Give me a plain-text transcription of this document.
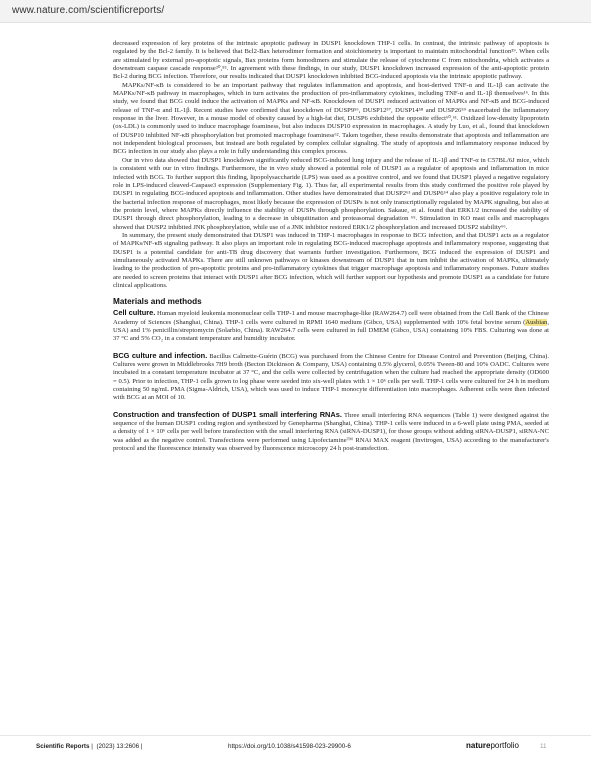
www.nature.com/scientificreports/

decreased expression of key proteins of the intrinsic apoptotic pathway in DUSP1 knockdown THP-1 cells. In contrast, the intrinsic pathway of apoptosis is regulated by the Bcl-2 family. It is believed that Bcl2-Bax heterodimer formation and stoichiometry is important to maintain mitochondrial function³⁹. When cells are stimulated by external pro-apoptotic signals, Bax proteins form homodimers and stimulate the release of cytochrome C from mitochondria, which activates a downstream caspase cascade response²⁰,⁵⁵. In agreement with these findings, in our study, DUSP1 knockdown increased expression of the anti-apoptotic protein Bcl-2 during BCG infection. Therefore, our results indicated that DUSP1 knockdown inhibited BCG-induced apoptosis via the intrinsic apoptotic pathway.

MAPKs/NF-κB is considered to be an important pathway that regulates inflammation and apoptosis, and host-derived TNF-α and IL-1β can activate the MAPKs/NF-κB pathway in macrophages, which in turn activates the production of pro-inflammatory cytokines, including TNF-α and IL-1β themselves¹⁶. In this study, we found that BCG could induce the activation of MAPKs and NF-κB. Knockdown of DUSP1 reduced activation of MAPKs and NF-κB and BCG-induced release of TNF-α and IL-1β. Recent studies have confirmed that knockdown of DUSP9⁵⁶, DUSP12⁵⁷, DUSP14⁵⁸ and DUSP26⁵⁹ exacerbated the inflammatory response in the liver. However, in a mouse model of obesity caused by a high-fat diet, DUSP6 exhibited the opposite effect⁶⁰,⁶¹. Oxidized low-density lipoprotein (ox-LDL) is commonly used to induce macrophage foaminess, but also induces DUSP10 expression in macrophages. A study by Luo, et al., found that knockdown of DUSP10 inhibited NF-κB phosphorylation but promoted macrophage foaminess⁶². Taken together, these results demonstrate that apoptosis and inflammation are not independent biological processes, but instead are both regulated by complex cellular signaling. The study of apoptosis and inflammatory response induced by BCG infection in our study also plays a role in fully understanding this complex process.

Our in vivo data showed that DUSP1 knockdown significantly reduced BCG-induced lung injury and the release of IL-1β and TNF-α in C57BL/6J mice, which is consistent with our in vitro findings. Furthermore, the in vivo study showed a potential role of DUSP1 as a regulator of apoptosis and inflammation in mice infected with BCG. To further support this finding, lipopolysaccharide (LPS) was used as a positive control, and we found that DUSP1 played a negative regulatory role in LPS-induced cleaved-Caspase3 expression (Supplementary Fig. 1). Thus far, all experimental results from this study confirmed the positive role played by DUSP1 in regulating BCG-induced apoptosis and inflammation. Other studies have demonstrated that DUSP2⁶³ and DUSP6⁶⁴ also play a positive regulatory role in the bacterial infection response of macrophages, most likely because the expression of DUSPs is not only transcriptionally regulated by MAPK signaling, but also at the protein level, where MAPKs directly influence the stability of DUSPs through phosphorylation. Sakaue, et al. found that ERK1/2 increased the stability of DUSP1 through direct phosphorylation, leading to a decrease in ubiquitination and proteasomal degradation ⁶⁵. Stimulation in KO mast cells and macrophages showed that DUSP2 inhibited JNK phosphorylation, while use of a JNK inhibitor restored ERK1/2 phosphorylation and increased DUSP2 stability⁶⁶.

In summary, the present study demonstrated that DUSP1 was induced in THP-1 macrophages in response to BCG infection, and that DUSP1 acts as a regulator of MAPKs/NF-κB signaling pathway. It also plays an important role in regulating BCG-induced macrophage apoptosis and inflammatory response, suggesting that DUSP1 is a potential candidate for anti-TB drug discovery that warrants further investigation. Furthermore, BCG induced the expression of DUSP1 and simultaneously activated MAPKs. There are still unknown pathways or kinases downstream of DUSP1 that in turn inhibit the activation of MAPKs, ultimately leading to the production of pro-apoptotic proteins and pro-inflammatory cytokines that trigger macrophage apoptosis and inflammatory responses. Future studies are needed to screen proteins that interact with DUSP1 after BCG infection, which will further support our hypothesis and promote DUSP1 as a candidate for future clinical applications.

Materials and methods

Cell culture. Human myeloid leukemia mononuclear cells THP-1 and mouse macrophage-like (RAW264.7) cell were obtained from the Cell Bank of the Chinese Academy of Sciences (Shanghai, China). THP-1 cells were cultured in RPMI 1640 medium (Gibco, USA) supplemented with 10% fetal bovine serum (Ausbian, USA) and 1% penicillin/streptomycin (Solarbio, China). RAW264.7 cells were cultured in full DMEM (Gibco, USA) containing 10% FBS. Culturing was done at 37 °C and 5% CO₂ in a constant temperature and humidity incubator.

BCG culture and infection. Bacillus Calmette-Guérin (BCG) was purchased from the Chinese Centre for Disease Control and Prevention (Beijing, China). Cultures were grown in Middlebrooks 7H9 broth (Becton Dickinson & Company, USA) containing 0.5% glycerol, 0.05% Tween-80 and 10% OADC. Cultures were incubated in a constant temperature incubator at 37 °C, and the cells were collected by centrifugation when the culture had reached the appropriate density (OD600 = 0.5). Prior to infection, THP-1 cells grown to log phase were seeded into six-well plates with 1 × 10⁶ cells per well. THP-1 cells were cultured for 24 h in medium containing 50 ng/mL PMA (Sigma-Aldrich, USA), which was used to induce THP-1 monocyte differentiation into macrophages. Adherent cells were then infected with BCG at an MOI of 10.

Construction and transfection of DUSP1 small interfering RNAs. Three small interfering RNA sequences (Table 1) were designed against the sequence of the human DUSP1 coding region and synthesized by Genepharma (Shanghai, China). THP-1 cells were induced in a 6-well plate using PMA, seeded at a density of 1 × 10⁶ cells per well before transfection with the small interfering RNA (siRNA-DUSP1), for those groups without adding siRNA-DUSP1, siRNA-NC was added as the negative control. Transfections were performed using Lipofectamine™ RNAi MAX reagent (Invitrogen, USA) according to the manufacturer's protocol and the fluorescence intensity was observed by fluorescence microscopy 24 h post-transfection.

Scientific Reports |  (2023) 13:2606 |	https://doi.org/10.1038/s41598-023-29900-6	natureportfolio	11
